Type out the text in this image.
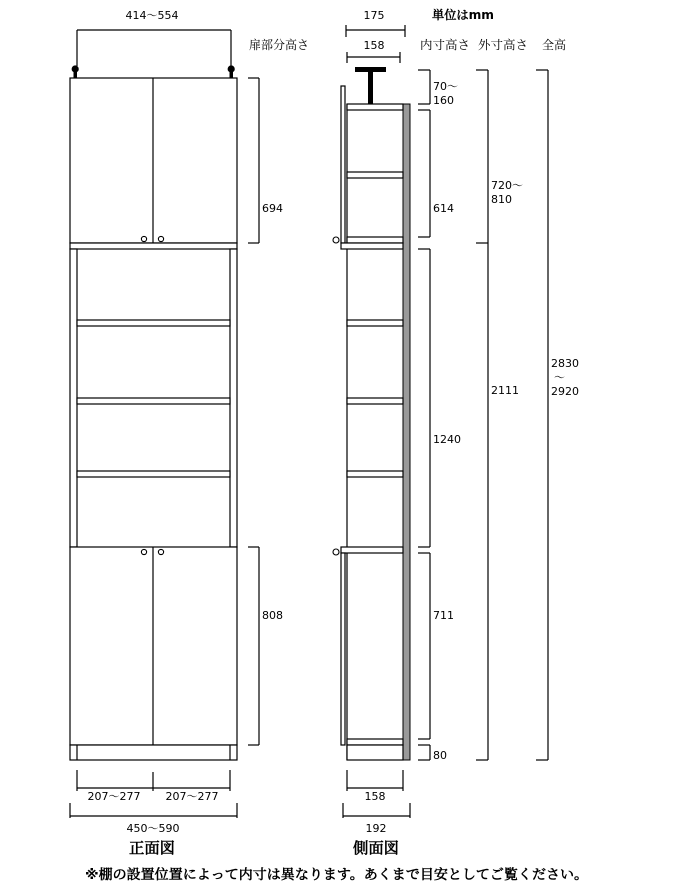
単位はmm
扉部分高さ	内寸高さ 外寸高さ 全高
414～554
694
808
207～277 207～277
450～590
正面図
175
158
70～
160
614
1240
711
80
720～
810
2111
2830
～
2920
158
192
側面図
※棚の設置位置によって内寸は異なります。あくまで目安としてご覧ください。
